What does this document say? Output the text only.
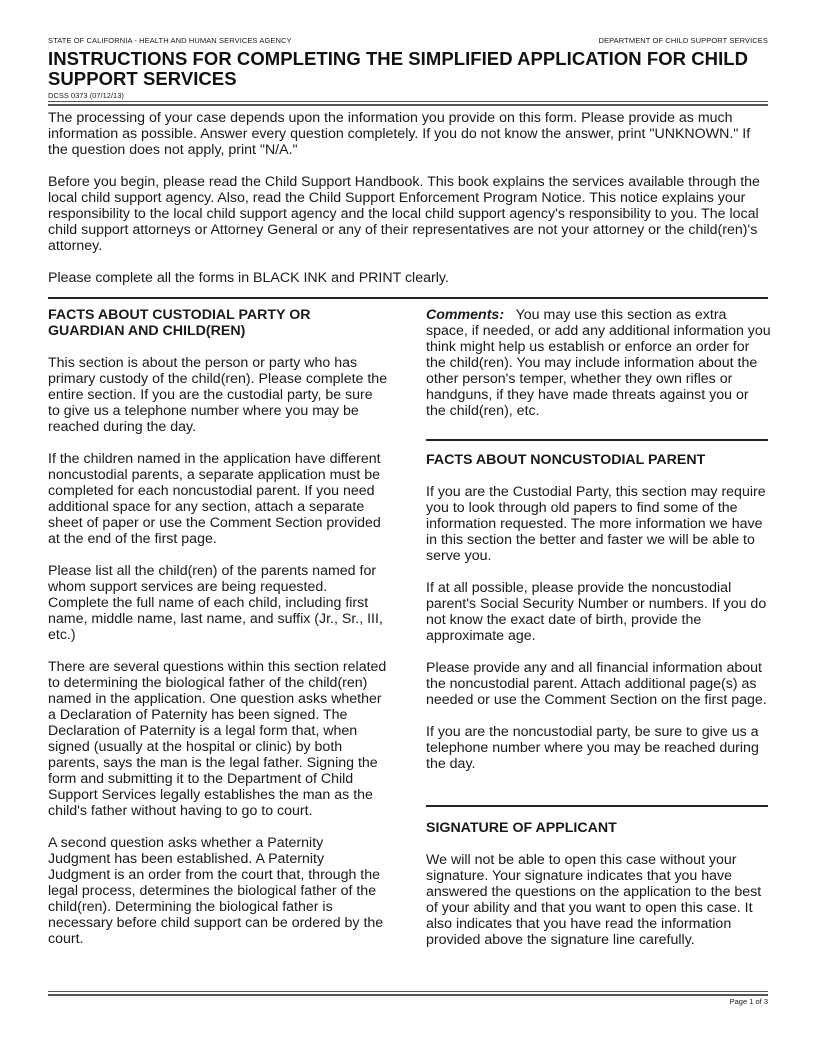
STATE OF CALIFORNIA - HEALTH AND HUMAN SERVICES AGENCY	DEPARTMENT OF CHILD SUPPORT SERVICES
INSTRUCTIONS FOR COMPLETING THE SIMPLIFIED APPLICATION FOR CHILD
SUPPORT SERVICES
DCSS 0373 (07/12/13)

The processing of your case depends upon the information you provide on this form. Please provide as much information as possible. Answer every question completely. If you do not know the answer, print "UNKNOWN." If the question does not apply, print "N/A."

Before you begin, please read the Child Support Handbook. This book explains the services available through the local child support agency. Also, read the Child Support Enforcement Program Notice. This notice explains your responsibility to the local child support agency and the local child support agency's responsibility to you. The local child support attorneys or Attorney General or any of their representatives are not your attorney or the child(ren)'s attorney.

Please complete all the forms in BLACK INK and PRINT clearly.

FACTS ABOUT CUSTODIAL PARTY OR GUARDIAN AND CHILD(REN)

This section is about the person or party who has primary custody of the child(ren). Please complete the entire section. If you are the custodial party, be sure to give us a telephone number where you may be reached during the day.

If the children named in the application have different noncustodial parents, a separate application must be completed for each noncustodial parent. If you need additional space for any section, attach a separate sheet of paper or use the Comment Section provided at the end of the first page.

Please list all the child(ren) of the parents named for whom support services are being requested. Complete the full name of each child, including first name, middle name, last name, and suffix (Jr., Sr., III, etc.)

There are several questions within this section related to determining the biological father of the child(ren) named in the application. One question asks whether a Declaration of Paternity has been signed. The Declaration of Paternity is a legal form that, when signed (usually at the hospital or clinic) by both parents, says the man is the legal father. Signing the form and submitting it to the Department of Child Support Services legally establishes the man as the child's father without having to go to court.

A second question asks whether a Paternity Judgment has been established. A Paternity Judgment is an order from the court that, through the legal process, determines the biological father of the child(ren). Determining the biological father is necessary before child support can be ordered by the court.

Comments: You may use this section as extra space, if needed, or add any additional information you think might help us establish or enforce an order for the child(ren). You may include information about the other person's temper, whether they own rifles or handguns, if they have made threats against you or the child(ren), etc.

FACTS ABOUT NONCUSTODIAL PARENT

If you are the Custodial Party, this section may require you to look through old papers to find some of the information requested. The more information we have in this section the better and faster we will be able to serve you.

If at all possible, please provide the noncustodial parent's Social Security Number or numbers. If you do not know the exact date of birth, provide the approximate age.

Please provide any and all financial information about the noncustodial parent. Attach additional page(s) as needed or use the Comment Section on the first page.

If you are the noncustodial party, be sure to give us a telephone number where you may be reached during the day.

SIGNATURE OF APPLICANT

We will not be able to open this case without your signature. Your signature indicates that you have answered the questions on the application to the best of your ability and that you want to open this case. It also indicates that you have read the information provided above the signature line carefully.

Page 1 of 3
